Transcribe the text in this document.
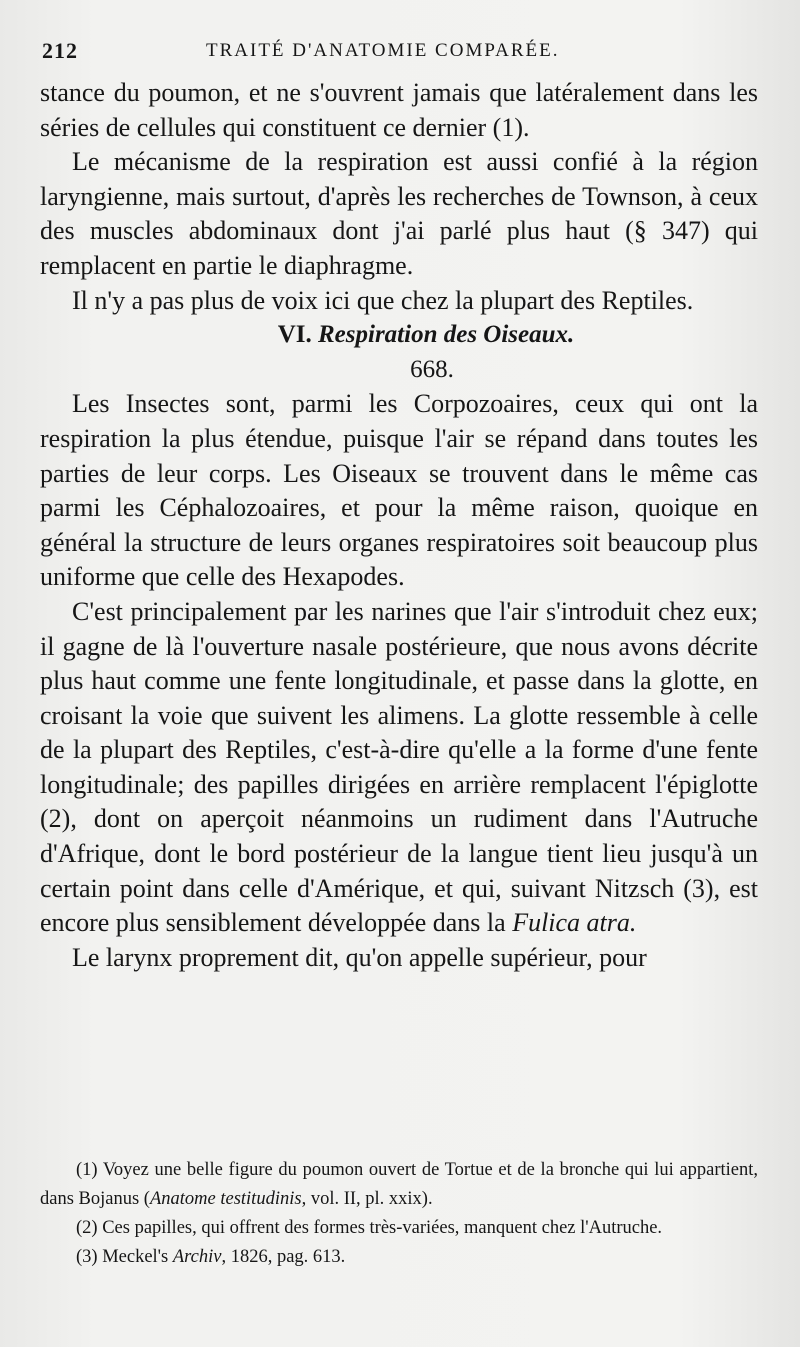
212	TRAITÉ D'ANATOMIE COMPARÉE.

stance du poumon, et ne s'ouvrent jamais que latéralement dans les séries de cellules qui constituent ce dernier (1).

Le mécanisme de la respiration est aussi confié à la région laryngienne, mais surtout, d'après les recherches de Townson, à ceux des muscles abdominaux dont j'ai parlé plus haut (§ 347) qui remplacent en partie le diaphragme.

Il n'y a pas plus de voix ici que chez la plupart des Reptiles.

VI. Respiration des Oiseaux.

668.

Les Insectes sont, parmi les Corpozoaires, ceux qui ont la respiration la plus étendue, puisque l'air se répand dans toutes les parties de leur corps. Les Oiseaux se trouvent dans le même cas parmi les Céphalozoaires, et pour la même raison, quoique en général la structure de leurs organes respiratoires soit beaucoup plus uniforme que celle des Hexapodes.

C'est principalement par les narines que l'air s'introduit chez eux; il gagne de là l'ouverture nasale postérieure, que nous avons décrite plus haut comme une fente longitudinale, et passe dans la glotte, en croisant la voie que suivent les alimens. La glotte ressemble à celle de la plupart des Reptiles, c'est-à-dire qu'elle a la forme d'une fente longitudinale; des papilles dirigées en arrière remplacent l'épiglotte (2), dont on aperçoit néanmoins un rudiment dans l'Autruche d'Afrique, dont le bord postérieur de la langue tient lieu jusqu'à un certain point dans celle d'Amérique, et qui, suivant Nitzsch (3), est encore plus sensiblement développée dans la Fulica atra.

Le larynx proprement dit, qu'on appelle supérieur, pour

(1) Voyez une belle figure du poumon ouvert de Tortue et de la bronche qui lui appartient, dans Bojanus (Anatome testitudinis, vol. II, pl. xxix).

(2) Ces papilles, qui offrent des formes très-variées, manquent chez l'Autruche.

(3) Meckel's Archiv, 1826, pag. 613.
